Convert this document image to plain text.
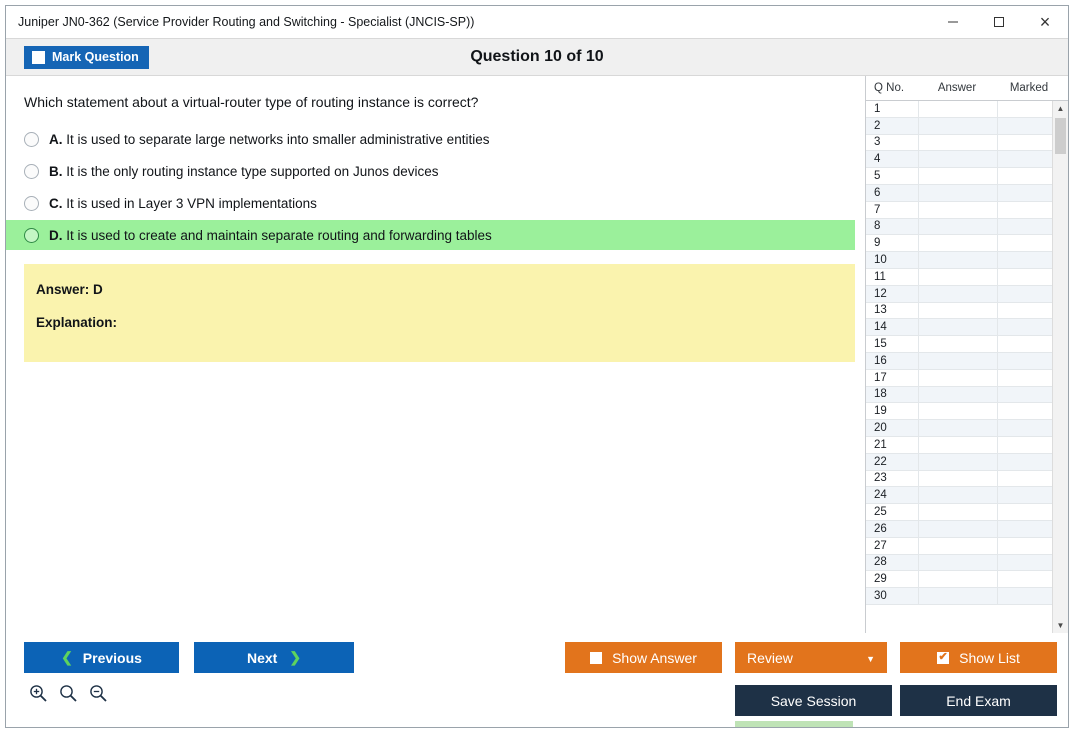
Juniper JN0-362 (Service Provider Routing and Switching - Specialist (JNCIS-SP))	×
Mark Question	Question 10 of 10
Which statement about a virtual-router type of routing instance is correct?
A. It is used to separate large networks into smaller administrative entities
B. It is the only routing instance type supported on Junos devices
C. It is used in Layer 3 VPN implementations
D. It is used to create and maintain separate routing and forwarding tables
Answer: D
Explanation:
Q No.	Answer	Marked
1
2
3
4
5
6
7
8
9
10
11
12
13
14
15
16
17
18
19
20
21
22
23
24
25
26
27
28
29
30
▲
▼
❮ Previous	Next ❯	Show Answer	Review	▼	✔ Show List
Save Session	End Exam
